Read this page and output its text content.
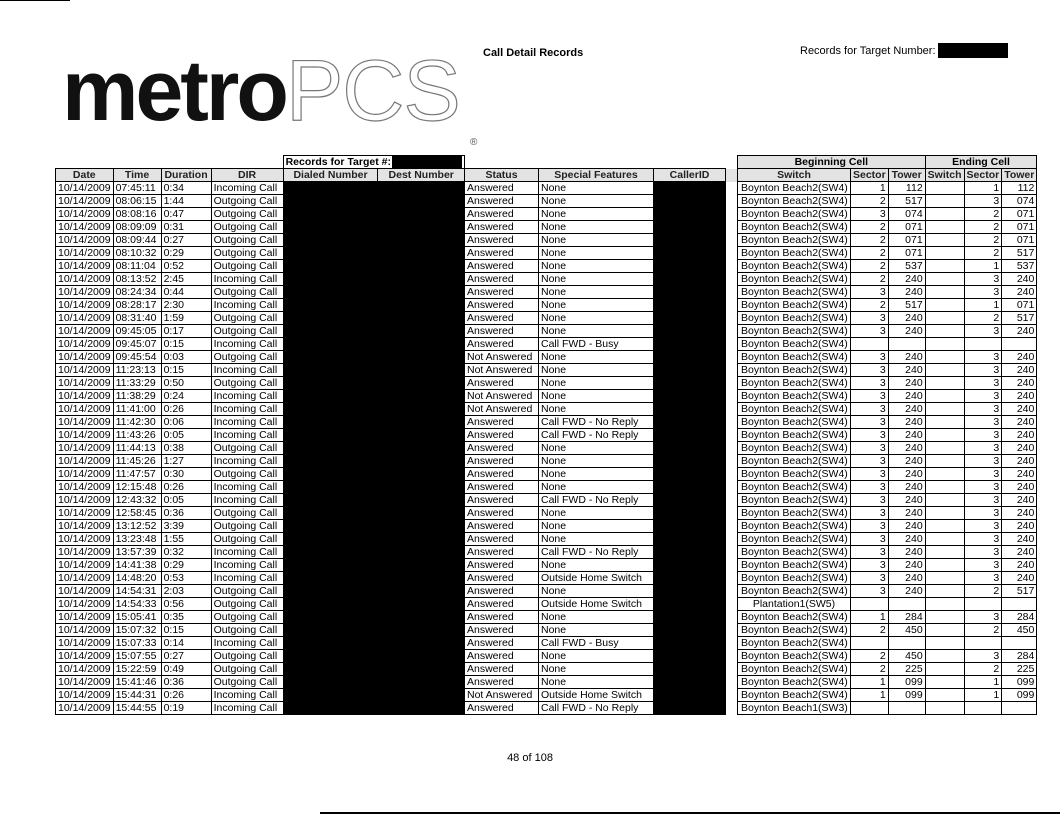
metroPCS
®
Call Detail Records	Records for Target Number:

				Records for Target #:						Beginning Cell			Ending Cell		
Date	Time	Duration	DIR	Dialed Number	Dest Number	Status	Special Features	CallerID		Switch	Sector	Tower	Switch	Sector	Tower
10/14/2009	07:45:11	0:34	Incoming Call			Answered	None			Boynton Beach2(SW4)	1	112		1	112
10/14/2009	08:06:15	1:44	Outgoing Call			Answered	None			Boynton Beach2(SW4)	2	517		3	074
10/14/2009	08:08:16	0:47	Outgoing Call			Answered	None			Boynton Beach2(SW4)	3	074		2	071
10/14/2009	08:09:09	0:31	Outgoing Call			Answered	None			Boynton Beach2(SW4)	2	071		2	071
10/14/2009	08:09:44	0:27	Outgoing Call			Answered	None			Boynton Beach2(SW4)	2	071		2	071
10/14/2009	08:10:32	0:29	Outgoing Call			Answered	None			Boynton Beach2(SW4)	2	071		2	517
10/14/2009	08:11:04	0:52	Outgoing Call			Answered	None			Boynton Beach2(SW4)	2	537		1	537
10/14/2009	08:13:52	2:45	Incoming Call			Answered	None			Boynton Beach2(SW4)	2	240		3	240
10/14/2009	08:24:34	0:44	Outgoing Call			Answered	None			Boynton Beach2(SW4)	3	240		3	240
10/14/2009	08:28:17	2:30	Incoming Call			Answered	None			Boynton Beach2(SW4)	2	517		1	071
10/14/2009	08:31:40	1:59	Outgoing Call			Answered	None			Boynton Beach2(SW4)	3	240		2	517
10/14/2009	09:45:05	0:17	Outgoing Call			Answered	None			Boynton Beach2(SW4)	3	240		3	240
10/14/2009	09:45:07	0:15	Incoming Call			Answered	Call FWD - Busy			Boynton Beach2(SW4)					
10/14/2009	09:45:54	0:03	Outgoing Call			Not Answered	None			Boynton Beach2(SW4)	3	240		3	240
10/14/2009	11:23:13	0:15	Incoming Call			Not Answered	None			Boynton Beach2(SW4)	3	240		3	240
10/14/2009	11:33:29	0:50	Outgoing Call			Answered	None			Boynton Beach2(SW4)	3	240		3	240
10/14/2009	11:38:29	0:24	Incoming Call			Not Answered	None			Boynton Beach2(SW4)	3	240		3	240
10/14/2009	11:41:00	0:26	Incoming Call			Not Answered	None			Boynton Beach2(SW4)	3	240		3	240
10/14/2009	11:42:30	0:06	Incoming Call			Answered	Call FWD - No Reply			Boynton Beach2(SW4)	3	240		3	240
10/14/2009	11:43:26	0:05	Incoming Call			Answered	Call FWD - No Reply			Boynton Beach2(SW4)	3	240		3	240
10/14/2009	11:44:13	0:38	Outgoing Call			Answered	None			Boynton Beach2(SW4)	3	240		3	240
10/14/2009	11:45:26	1:27	Incoming Call			Answered	None			Boynton Beach2(SW4)	3	240		3	240
10/14/2009	11:47:57	0:30	Outgoing Call			Answered	None			Boynton Beach2(SW4)	3	240		3	240
10/14/2009	12:15:48	0:26	Incoming Call			Answered	None			Boynton Beach2(SW4)	3	240		3	240
10/14/2009	12:43:32	0:05	Incoming Call			Answered	Call FWD - No Reply			Boynton Beach2(SW4)	3	240		3	240
10/14/2009	12:58:45	0:36	Outgoing Call			Answered	None			Boynton Beach2(SW4)	3	240		3	240
10/14/2009	13:12:52	3:39	Outgoing Call			Answered	None			Boynton Beach2(SW4)	3	240		3	240
10/14/2009	13:23:48	1:55	Outgoing Call			Answered	None			Boynton Beach2(SW4)	3	240		3	240
10/14/2009	13:57:39	0:32	Incoming Call			Answered	Call FWD - No Reply			Boynton Beach2(SW4)	3	240		3	240
10/14/2009	14:41:38	0:29	Incoming Call			Answered	None			Boynton Beach2(SW4)	3	240		3	240
10/14/2009	14:48:20	0:53	Incoming Call			Answered	Outside Home Switch			Boynton Beach2(SW4)	3	240		3	240
10/14/2009	14:54:31	2:03	Outgoing Call			Answered	None			Boynton Beach2(SW4)	3	240		2	517
10/14/2009	14:54:33	0:56	Outgoing Call			Answered	Outside Home Switch			Plantation1(SW5)					
10/14/2009	15:05:41	0:35	Outgoing Call			Answered	None			Boynton Beach2(SW4)	1	284		3	284
10/14/2009	15:07:32	0:15	Outgoing Call			Answered	None			Boynton Beach2(SW4)	2	450		2	450
10/14/2009	15:07:33	0:14	Incoming Call			Answered	Call FWD - Busy			Boynton Beach2(SW4)					
10/14/2009	15:07:55	0:27	Outgoing Call			Answered	None			Boynton Beach2(SW4)	2	450		3	284
10/14/2009	15:22:59	0:49	Outgoing Call			Answered	None			Boynton Beach2(SW4)	2	225		2	225
10/14/2009	15:41:46	0:36	Outgoing Call			Answered	None			Boynton Beach2(SW4)	1	099		1	099
10/14/2009	15:44:31	0:26	Incoming Call			Not Answered	Outside Home Switch			Boynton Beach2(SW4)	1	099		1	099
10/14/2009	15:44:55	0:19	Incoming Call			Answered	Call FWD - No Reply			Boynton Beach1(SW3)					
48 of 108
